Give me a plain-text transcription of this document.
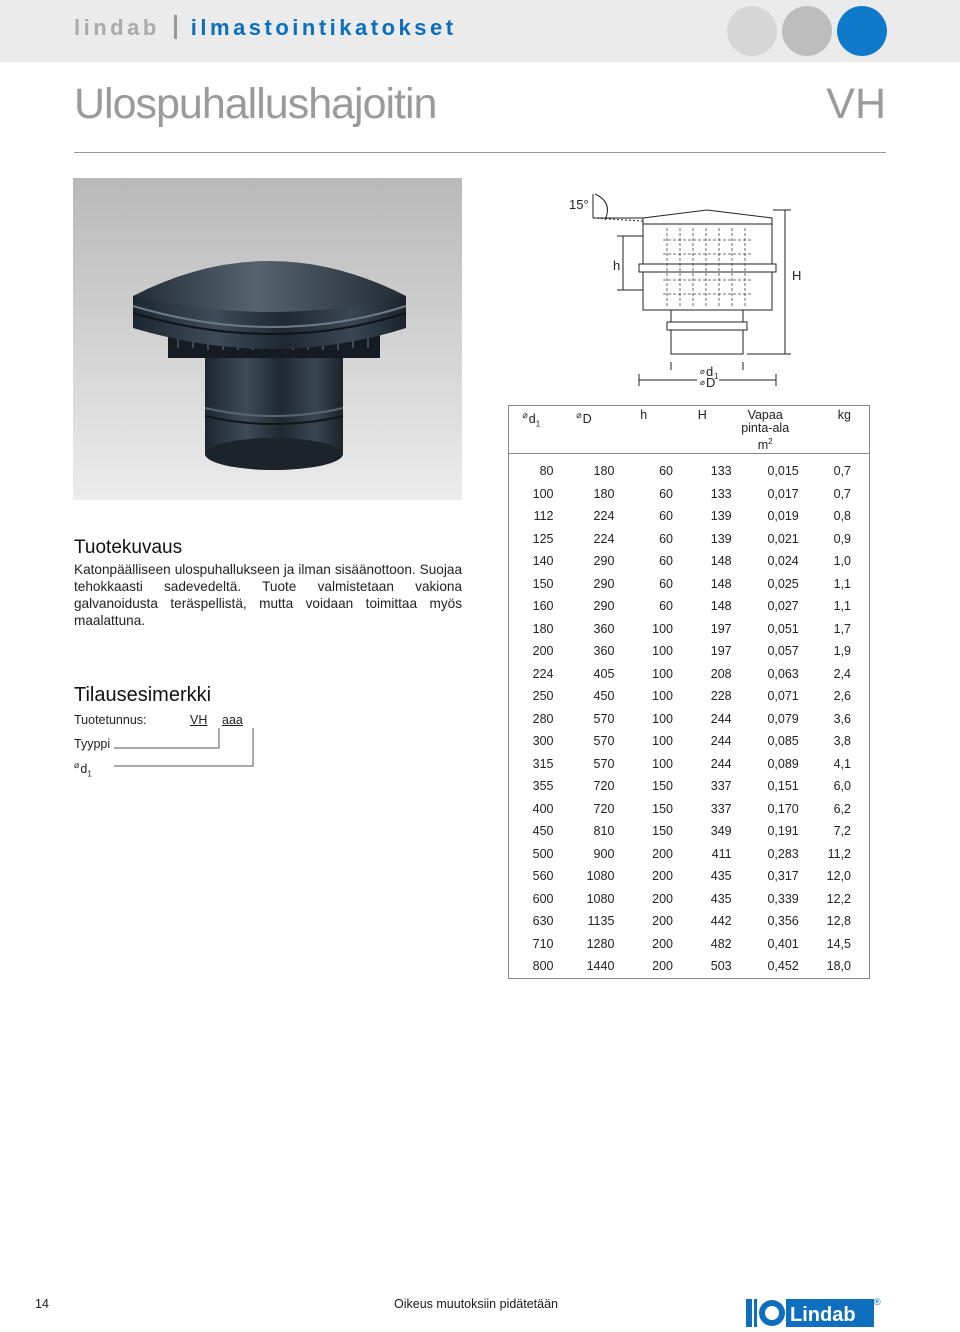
lindab ilmastointikatokset
Ulospuhallushajoitin	VH
15°
h
H
⌀ d 1
⌀ D
Tuotekuvaus
Katonpäälliseen ulospuhallukseen ja ilman sisäänottoon. Suojaa tehokkaasti sadevedeltä. Tuote valmistetaan vakiona galvanoidusta teräspellistä, mutta voidaan toimittaa myös maalattuna.
Tilausesimerkki
Tuotetunnus:	VH aaa
Tyyppi
$^⌀d_1$
$^⌀d_1$	⌀D	h	H	Vapaa
pinta-ala $m^2$	kg
80	180	60	133	0,015	0,7
100	180	60	133	0,017	0,7
112	224	60	139	0,019	0,8
125	224	60	139	0,021	0,9
140	290	60	148	0,024	1,0
150	290	60	148	0,025	1,1
160	290	60	148	0,027	1,1
180	360	100	197	0,051	1,7
200	360	100	197	0,057	1,9
224	405	100	208	0,063	2,4
250	450	100	228	0,071	2,6
280	570	100	244	0,079	3,6
300	570	100	244	0,085	3,8
315	570	100	244	0,089	4,1
355	720	150	337	0,151	6,0
400	720	150	337	0,170	6,2
450	810	150	349	0,191	7,2
500	900	200	411	0,283	11,2
560	1080	200	435	0,317	12,0
600	1080	200	435	0,339	12,2
630	1135	200	442	0,356	12,8
710	1280	200	482	0,401	14,5
800	1440	200	503	0,452	18,0
14	Oikeus muutoksiin pidätetään	Lindab
®
